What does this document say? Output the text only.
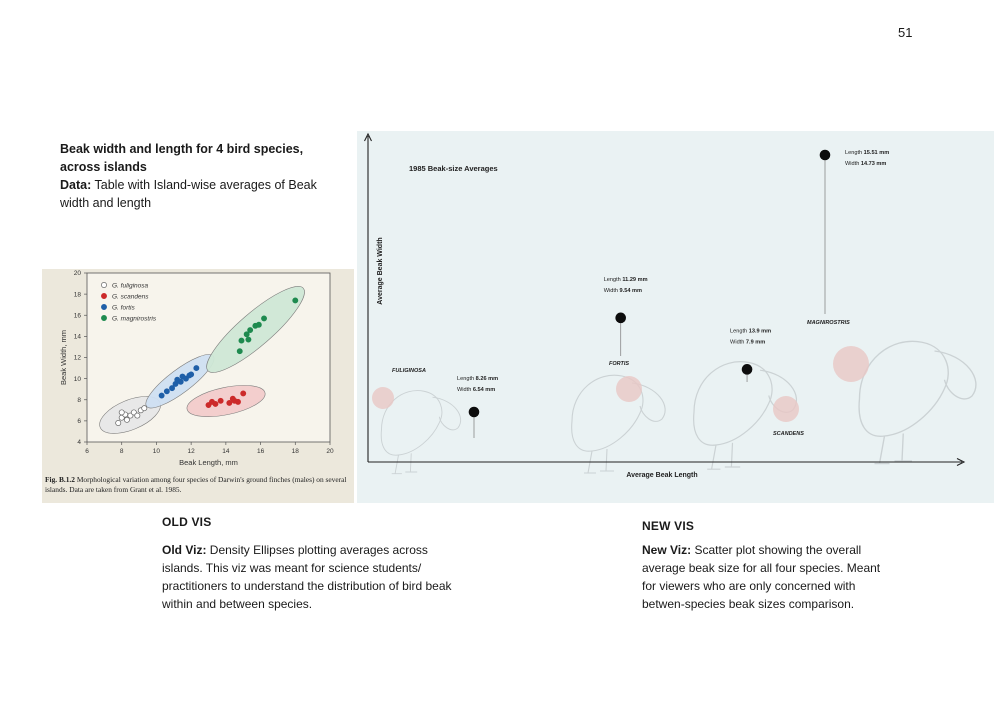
51
Beak width and length for 4 bird species, across islands
Data: Table with Island-wise averages of Beak width and length
6	8	10	12	14	16	18	20
4
6
8
10
12
14
16
18
20
Beak Length, mm
Beak Width, mm
G. fuliginosa
G. scandens
G. fortis
G. magnirostris
Fig. B.1.2 Morphological variation among four species of Darwin's ground finches (males) on several islands. Data are taken from Grant et al. 1985.
Average Beak Length
Average Beak Width
1985 Beak-size Averages
Length 8.26 mm
Width 6.54 mm
FULIGINOSA
Length 11.29 mm
Width 9.54 mm
FORTIS
Length 13.9 mm
Width 7.9 mm
SCANDENS
Length 15.51 mm
Width 14.73 mm
MAGNIROSTRIS
OLD VIS	NEW VIS
Old Viz: Density Ellipses plotting averages across islands. This viz was meant for science students/ practitioners to understand the distribution of bird beak within and between species.
New Viz: Scatter plot showing the overall average beak size for all four species. Meant for viewers who are only concerned with betwen-species beak sizes comparison.
